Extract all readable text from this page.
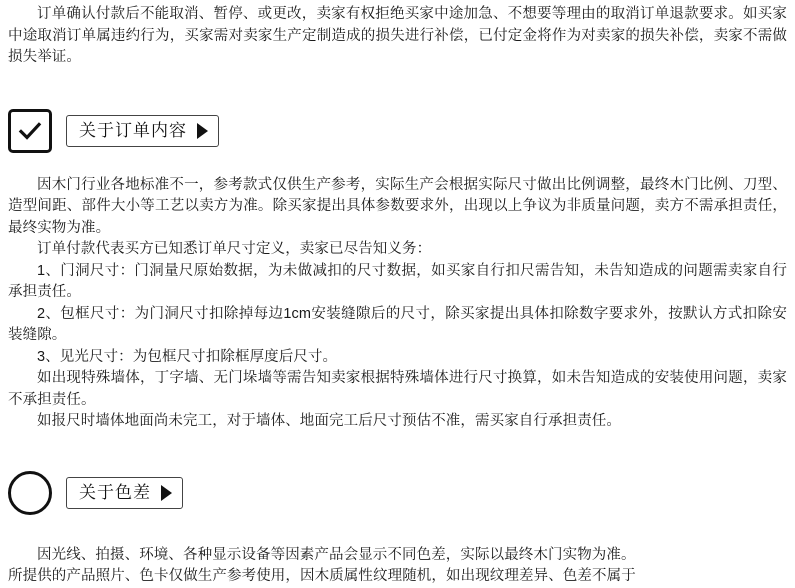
订单确认付款后不能取消、暂停、或更改，卖家有权拒绝买家中途加急、不想要等理由的取消订单退款要求。如买家中途取消订单属违约行为，买家需对卖家生产定制造成的损失进行补偿，已付定金将作为对卖家的损失补偿，卖家不需做损失举证。

关于订单内容

因木门行业各地标准不一，参考款式仅供生产参考，实际生产会根据实际尺寸做出比例调整，最终木门比例、刀型、造型间距、部件大小等工艺以卖方为准。除买家提出具体参数要求外，出现以上争议为非质量问题，卖方不需承担责任，最终实物为准。

订单付款代表买方已知悉订单尺寸定义，卖家已尽告知义务：

1、门洞尺寸：门洞量尺原始数据，为未做减扣的尺寸数据，如买家自行扣尺需告知，未告知造成的问题需卖家自行承担责任。

2、包框尺寸：为门洞尺寸扣除掉每边1cm安装缝隙后的尺寸，除买家提出具体扣除数字要求外，按默认方式扣除安装缝隙。

3、见光尺寸：为包框尺寸扣除框厚度后尺寸。

如出现特殊墙体，丁字墙、无门垛墙等需告知卖家根据特殊墙体进行尺寸换算，如未告知造成的安装使用问题，卖家不承担责任。

如报尺时墙体地面尚未完工，对于墙体、地面完工后尺寸预估不准，需买家自行承担责任。

关于色差

因光线、拍摄、环境、各种显示设备等因素产品会显示不同色差，实际以最终木门实物为准。

所提供的产品照片、色卡仅做生产参考使用，因木质属性纹理随机，如出现纹理差异、色差不属于
